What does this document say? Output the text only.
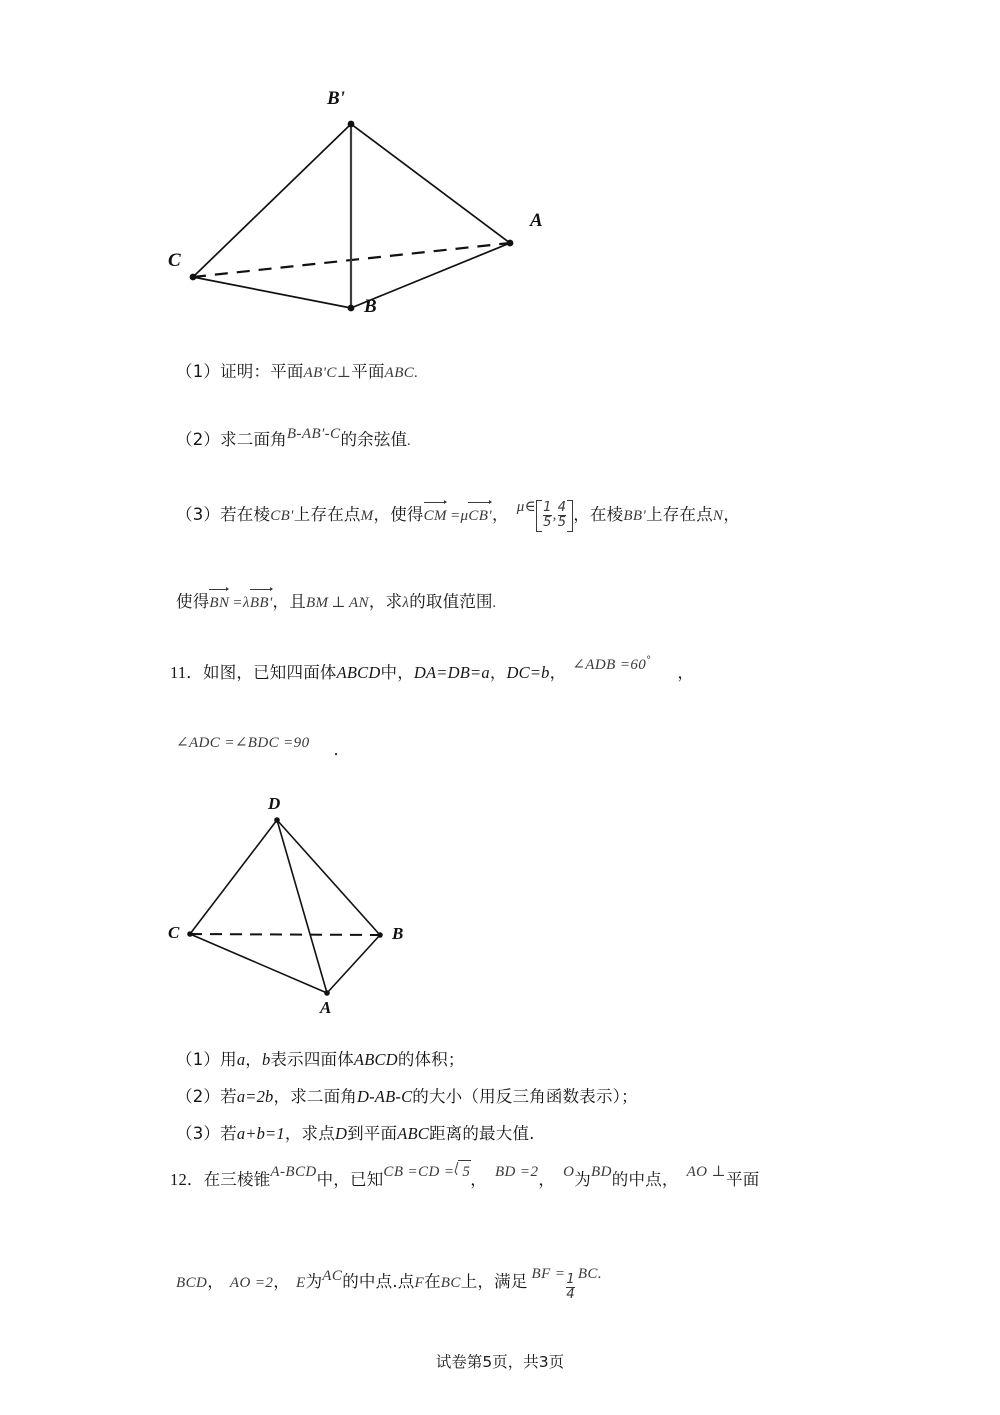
B'
A
C
B
（1）证明：平面AB'C⊥平面ABC.
（2）求二面角B-AB'-C的余弦值.
（3）若在棱CB'上存在点M，使得CM =μCB'， μ∈ $\frac{1}{5}$ , $\frac{4}{5}$ ，在棱BB'上存在点N，
使得BN =λBB'，且BM ⊥ AN，求λ的取值范围.
11．如图，已知四面体ABCD中，DA=DB=a，DC=b， ∠ADB =60°，
∠ADC =∠BDC =90 ．
D
C	B
A
（1）用a，b表示四面体ABCD的体积；
（2）若a=2b，求二面角D-AB-C的大小（用反三角函数表示）；
（3）若a+b=1，求点D到平面ABC距离的最大值.
12．在三棱锥A-BCD中，已知CB =CD = 5， BD =2， O为BD的中点， AO ⊥平面
BCD， AO =2， E为AC的中点.点F在BC上，满足 BF = $\frac{1}{4}$ BC.
试卷第5页，共3页
